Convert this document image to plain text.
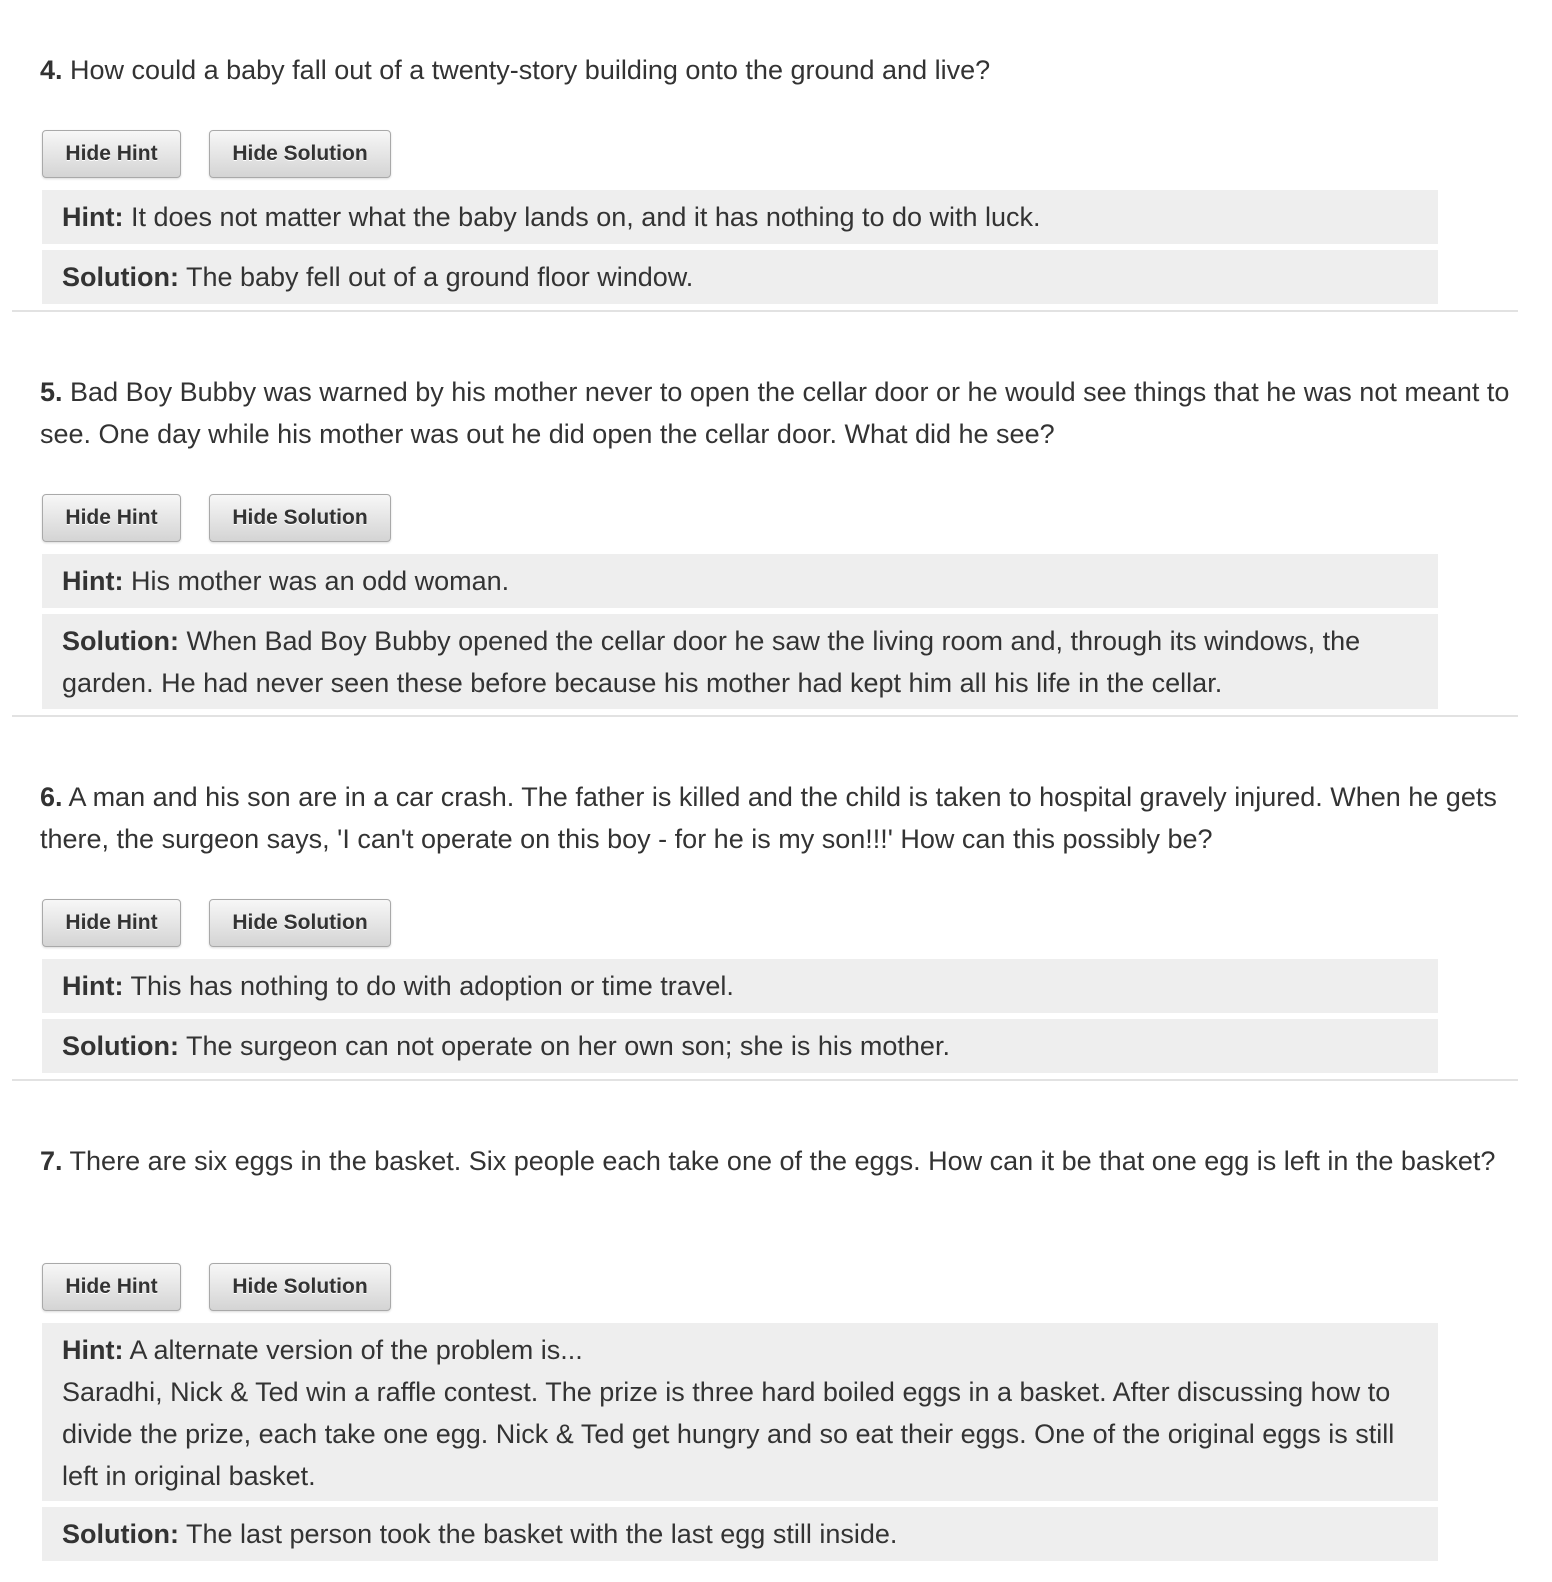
4. How could a baby fall out of a twenty-story building onto the ground and live?

Hide Hint	Hide Solution
Hint: It does not matter what the baby lands on, and it has nothing to do with luck.
Solution: The baby fell out of a ground floor window.

5. Bad Boy Bubby was warned by his mother never to open the cellar door or he would see things that he was not meant to see. One day while his mother was out he did open the cellar door. What did he see?

Hide Hint	Hide Solution
Hint: His mother was an odd woman.
Solution: When Bad Boy Bubby opened the cellar door he saw the living room and, through its windows, the garden. He had never seen these before because his mother had kept him all his life in the cellar.

6. A man and his son are in a car crash. The father is killed and the child is taken to hospital gravely injured. When he gets there, the surgeon says, 'I can't operate on this boy - for he is my son!!!' How can this possibly be?

Hide Hint	Hide Solution
Hint: This has nothing to do with adoption or time travel.
Solution: The surgeon can not operate on her own son; she is his mother.

7. There are six eggs in the basket. Six people each take one of the eggs. How can it be that one egg is left in the basket?

Hide Hint	Hide Solution
Hint: A alternate version of the problem is...
Saradhi, Nick & Ted win a raffle contest. The prize is three hard boiled eggs in a basket. After discussing how to divide the prize, each take one egg. Nick & Ted get hungry and so eat their eggs. One of the original eggs is still left in original basket.
Solution: The last person took the basket with the last egg still inside.
